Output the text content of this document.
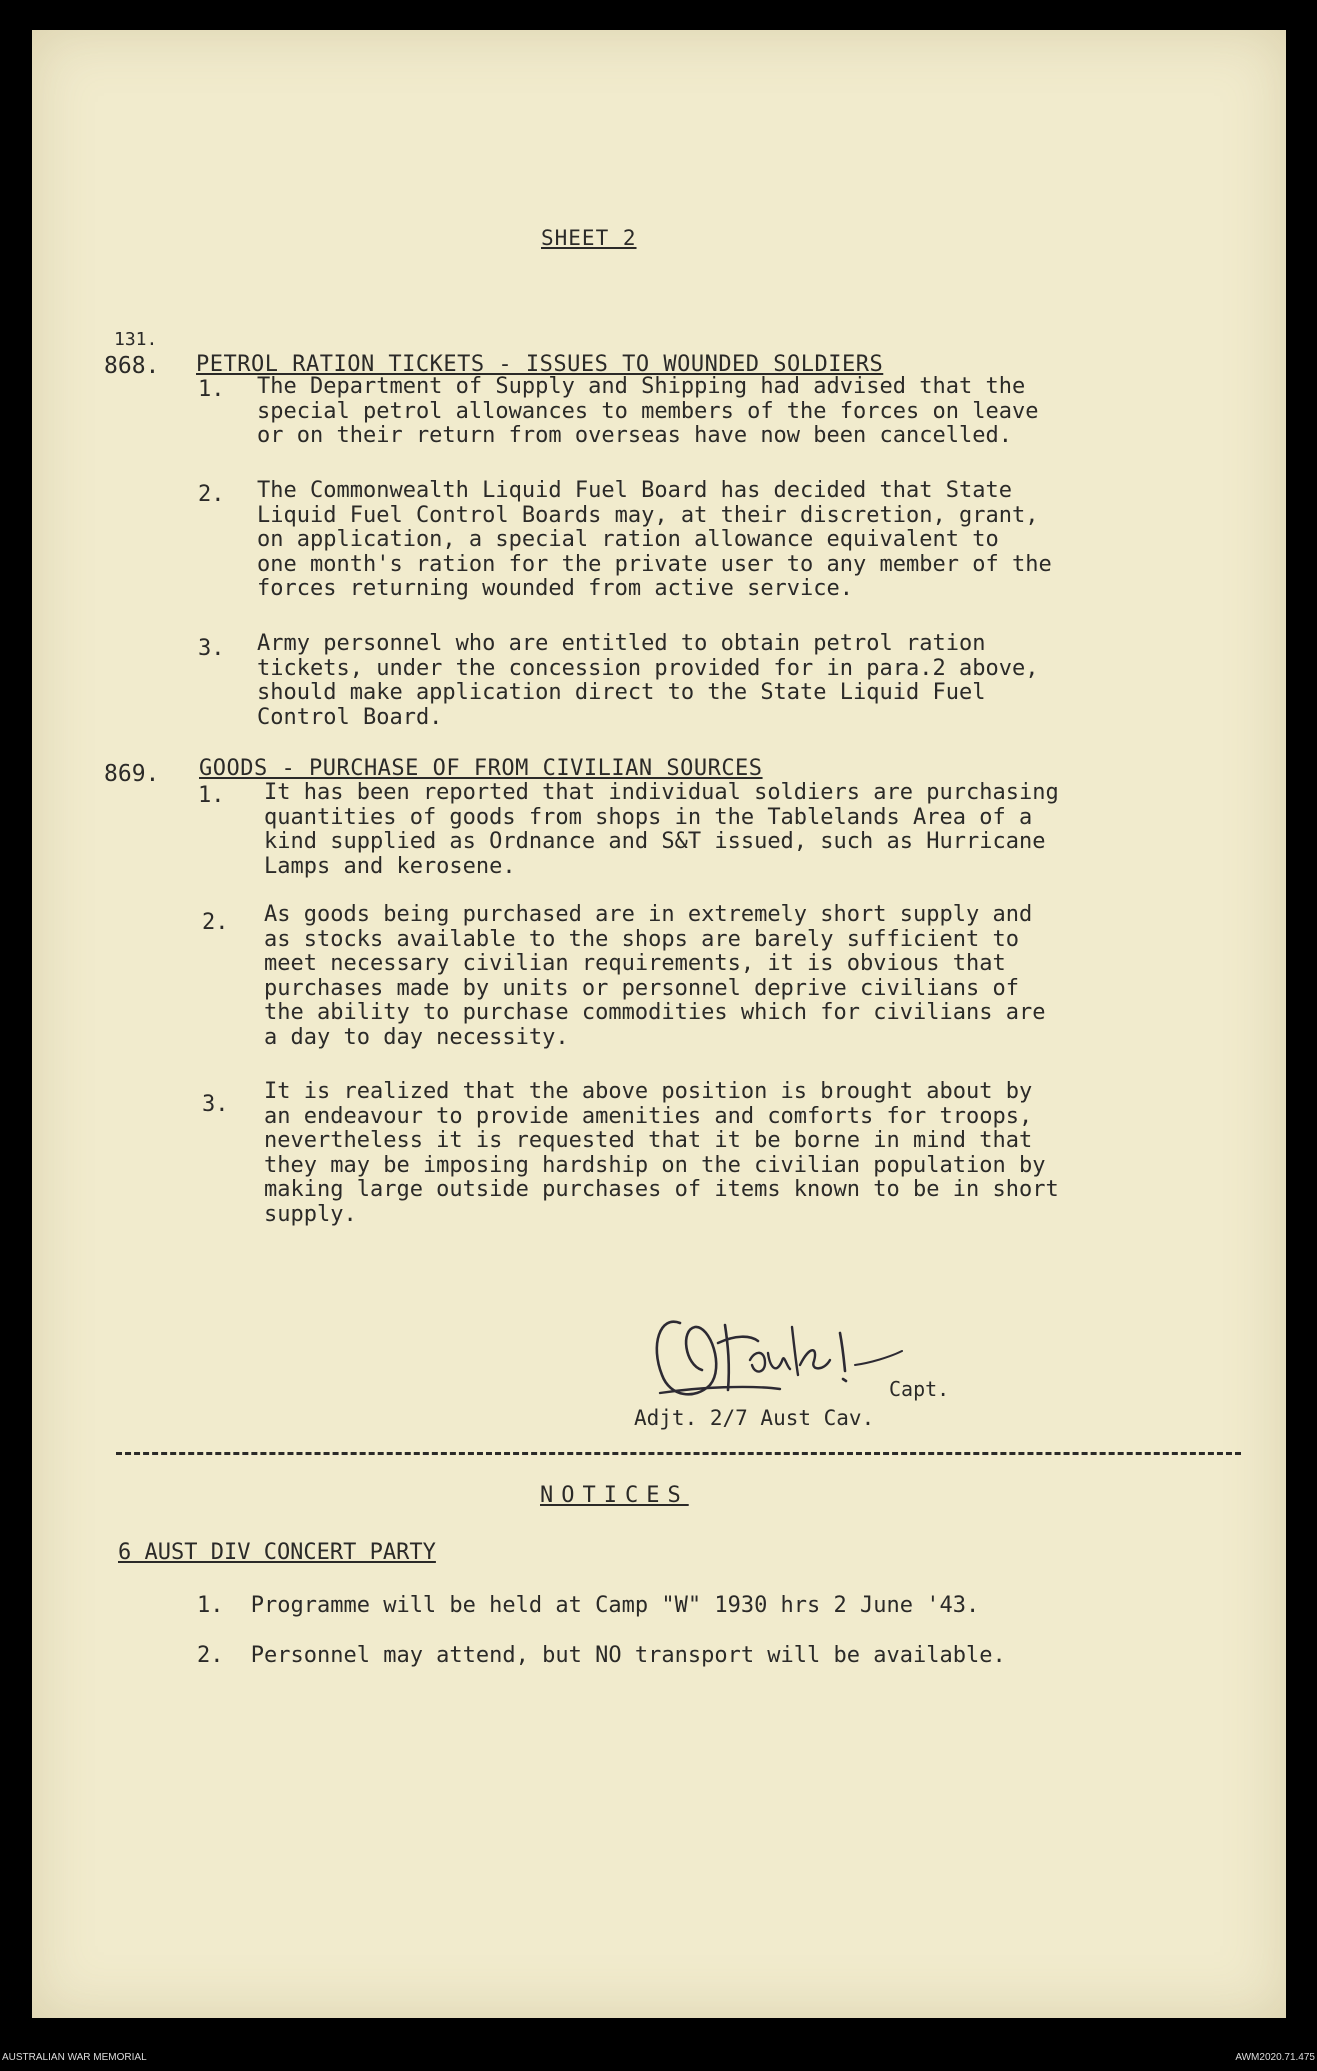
SHEET 2
131.
868. PETROL RATION TICKETS - ISSUES TO WOUNDED SOLDIERS
1. The Department of Supply and Shipping had advised that the
special petrol allowances to members of the forces on leave
or on their return from overseas have now been cancelled.

2. The Commonwealth Liquid Fuel Board has decided that State
Liquid Fuel Control Boards may, at their discretion, grant,
on application, a special ration allowance equivalent to
one month's ration for the private user to any member of the
forces returning wounded from active service.

3. Army personnel who are entitled to obtain petrol ration
tickets, under the concession provided for in para.2 above,
should make application direct to the State Liquid Fuel
Control Board.

869. GOODS - PURCHASE OF FROM CIVILIAN SOURCES
1. It has been reported that individual soldiers are purchasing
quantities of goods from shops in the Tablelands Area of a
kind supplied as Ordnance and S&T issued, such as Hurricane
Lamps and kerosene.

2. As goods being purchased are in extremely short supply and
as stocks available to the shops are barely sufficient to
meet necessary civilian requirements, it is obvious that
purchases made by units or personnel deprive civilians of
the ability to purchase commodities which for civilians are
a day to day necessity.

3.

It is realized that the above position is brought about by
an endeavour to provide amenities and comforts for troops,
nevertheless it is requested that it be borne in mind that
they may be imposing hardship on the civilian population by
making large outside purchases of items known to be in short
supply.

Capt.
Adjt. 2/7 Aust Cav.
NOTICES
6 AUST DIV CONCERT PARTY
1. Programme will be held at Camp "W" 1930 hrs 2 June '43.
2. Personnel may attend, but NO transport will be available.
AUSTRALIAN WAR MEMORIAL	AWM2020.71.475
